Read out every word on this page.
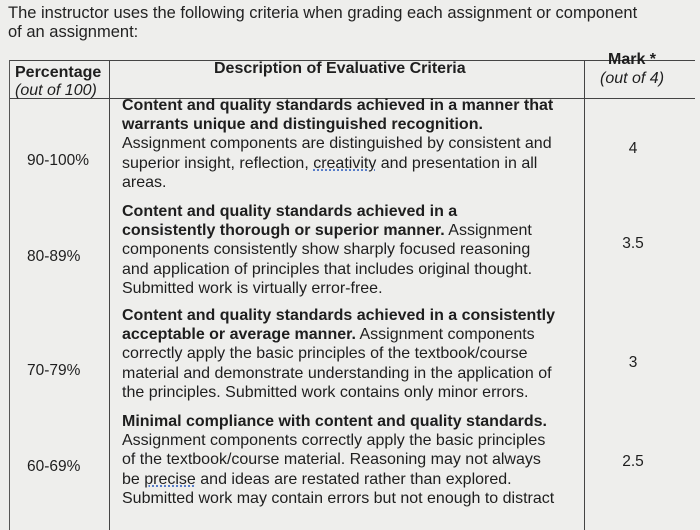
The instructor uses the following criteria when grading each assignment or component
of an assignment:
Percentage
(out of 100)
Description of Evaluative Criteria
Mark *
(out of 4)
90-100%
4
Content and quality standards achieved in a manner that
warrants unique and distinguished recognition.
Assignment components are distinguished by consistent and
superior insight, reflection, creativity and presentation in all
areas.
80-89%
3.5
Content and quality standards achieved in a
consistently thorough or superior manner. Assignment
components consistently show sharply focused reasoning
and application of principles that includes original thought.
Submitted work is virtually error-free.
70-79%	3
Content and quality standards achieved in a consistently
acceptable or average manner. Assignment components
correctly apply the basic principles of the textbook/course
material and demonstrate understanding in the application of
the principles. Submitted work contains only minor errors.
60-69%	2.5
Minimal compliance with content and quality standards.
Assignment components correctly apply the basic principles
of the textbook/course material. Reasoning may not always
be precise and ideas are restated rather than explored.
Submitted work may contain errors but not enough to distract
